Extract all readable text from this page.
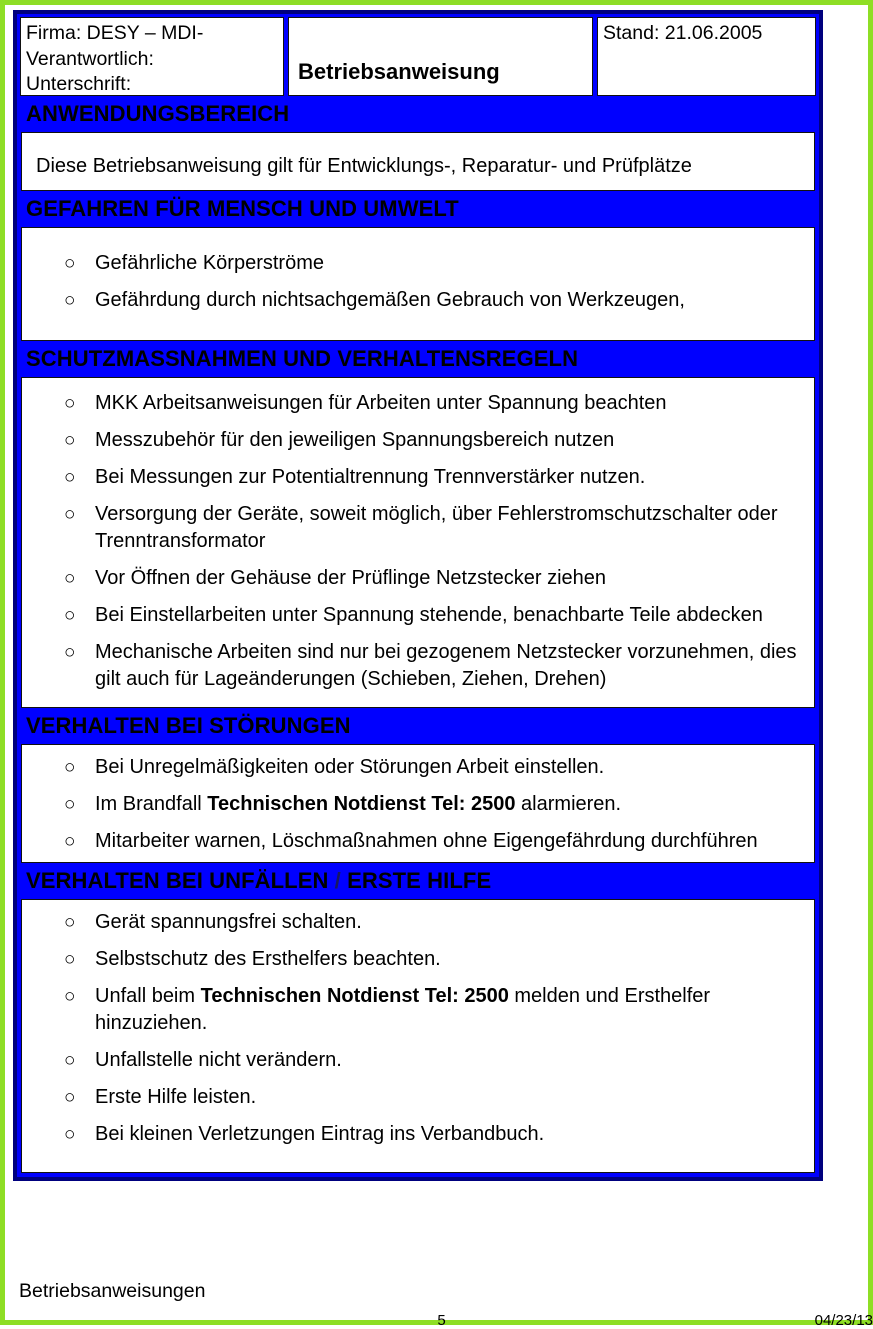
Firma: DESY – MDI-
Verantwortlich:
Unterschrift:	Betriebsanweisung
Stand: 21.06.2005
ANWENDUNGSBEREICH
Diese Betriebsanweisung gilt für Entwicklungs-, Reparatur- und Prüfplätze
GEFAHREN FÜR MENSCH UND UMWELT
○ Gefährliche Körperströme
○ Gefährdung durch nichtsachgemäßen Gebrauch von Werkzeugen,
SCHUTZMASSNAHMEN UND VERHALTENSREGELN
○ MKK Arbeitsanweisungen für Arbeiten unter Spannung beachten
○ Messzubehör für den jeweiligen Spannungsbereich nutzen
○ Bei Messungen zur Potentialtrennung Trennverstärker nutzen.
○ Versorgung der Geräte, soweit möglich, über Fehlerstromschutzschalter oder Trenntransformator
○ Vor Öffnen der Gehäuse der Prüflinge Netzstecker ziehen
○ Bei Einstellarbeiten unter Spannung stehende, benachbarte Teile abdecken
○ Mechanische Arbeiten sind nur bei gezogenem Netzstecker vorzunehmen, dies gilt auch für Lageänderungen (Schieben, Ziehen, Drehen)
VERHALTEN BEI STÖRUNGEN
○ Bei Unregelmäßigkeiten oder Störungen Arbeit einstellen.
○ Im Brandfall Technischen Notdienst Tel: 2500 alarmieren.
○ Mitarbeiter warnen, Löschmaßnahmen ohne Eigengefährdung durchführen
VERHALTEN BEI UNFÄLLEN / ERSTE HILFE
○ Gerät spannungsfrei schalten.
○ Selbstschutz des Ersthelfers beachten.
○ Unfall beim Technischen Notdienst Tel: 2500 melden und Ersthelfer hinzuziehen.
○ Unfallstelle nicht verändern.
○ Erste Hilfe leisten.
○ Bei kleinen Verletzungen Eintrag ins Verbandbuch.
Betriebsanweisungen
5	04/23/13
